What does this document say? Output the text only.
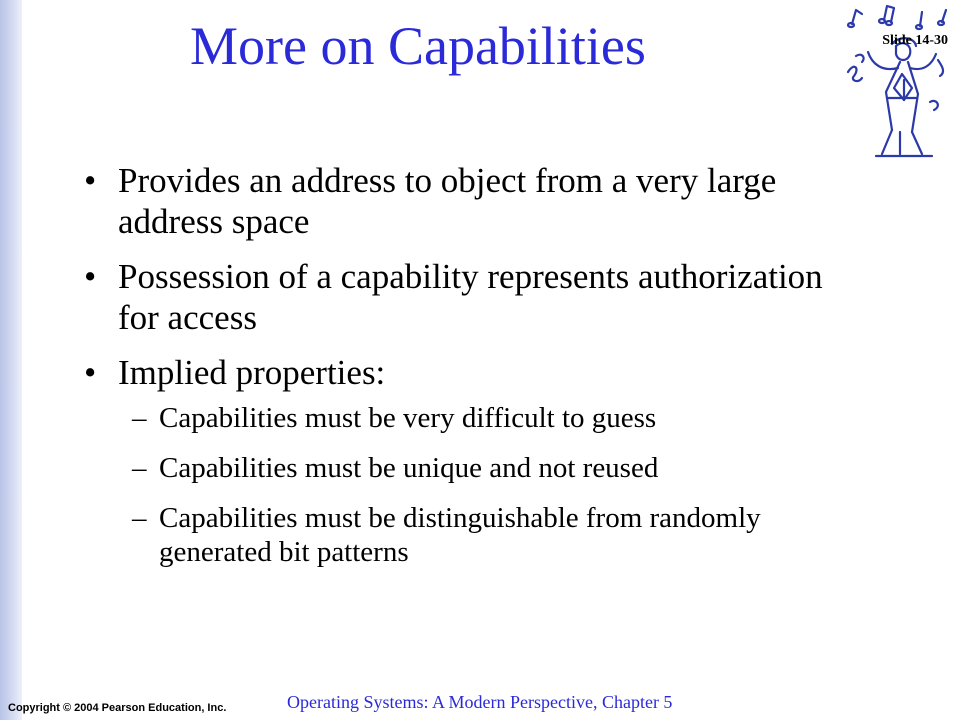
More on Capabilities	Slide 14-30
• Provides an address to object from a very large address space
• Possession of a capability represents authorization for access
• Implied properties:
– Capabilities must be very difficult to guess
– Capabilities must be unique and not reused
– Capabilities must be distinguishable from randomly generated bit patterns
Copyright © 2004 Pearson Education, Inc.	Operating Systems: A Modern Perspective, Chapter 5
